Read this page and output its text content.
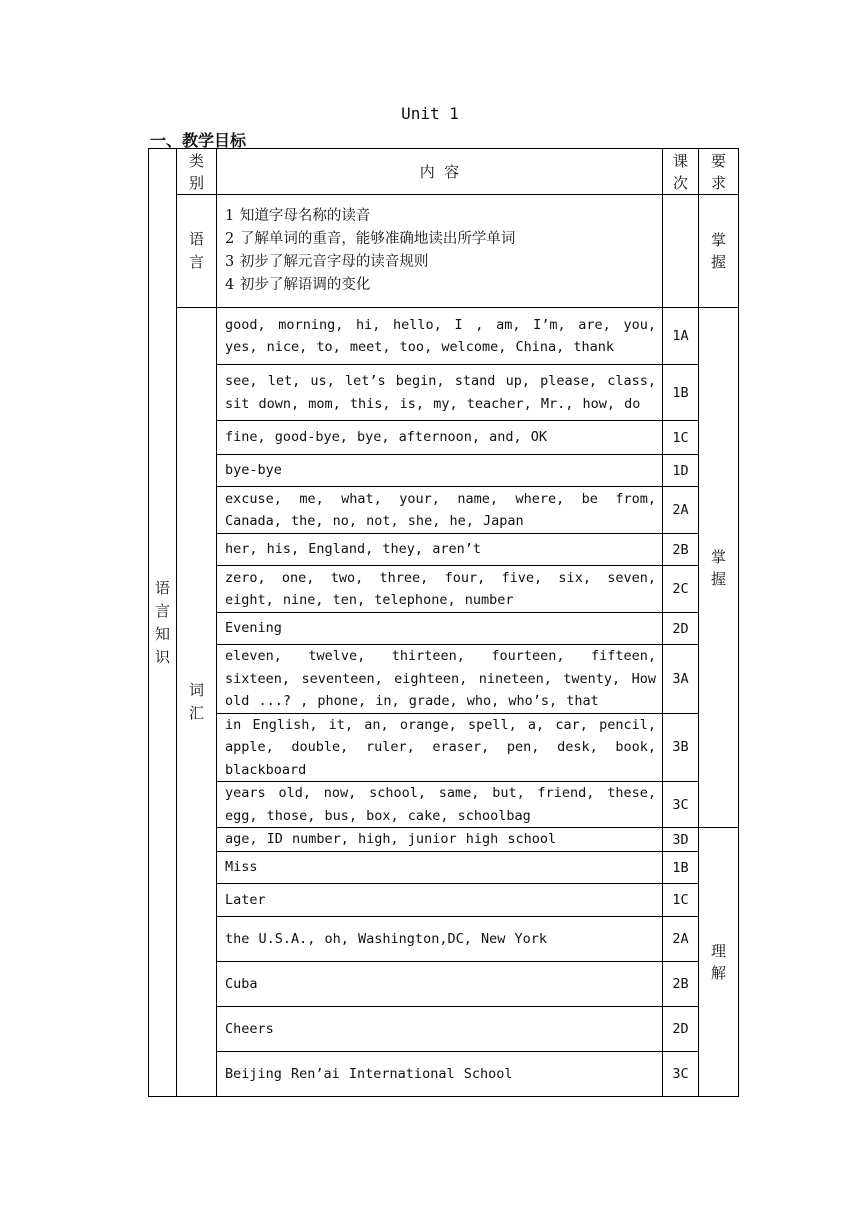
Unit 1
一、教学目标
语言知识	类别	内  容	课次	要求
	语言	1 知道字母名称的读音
2 了解单词的重音，能够准确地读出所学单词
3 初步了解元音字母的读音规则
4 初步了解语调的变化		掌握
	词汇	good, morning, hi, hello, I , am, I’m, are, you, yes, nice, to, meet, too, welcome, China, thank	1A	掌握
		see, let, us, let’s begin, stand up, please, class, sit down, mom, this, is, my, teacher, Mr., how, do	1B	
		fine, good-bye, bye, afternoon, and, OK	1C	
		bye-bye	1D	
		excuse, me, what, your, name, where, be from, Canada, the, no, not, she, he, Japan	2A	
		her, his, England, they, aren’t	2B	
		zero, one, two, three, four, five, six, seven, eight, nine, ten, telephone, number	2C	
		Evening	2D	
		eleven, twelve, thirteen, fourteen, fifteen, sixteen, seventeen, eighteen, nineteen, twenty, How old ...? , phone, in, grade, who, who’s, that	3A	
		in English, it, an, orange, spell, a, car, pencil, apple, double, ruler, eraser, pen, desk, book, blackboard	3B	
		years old, now, school, same, but, friend, these, egg, those, bus, box, cake, schoolbag	3C	
		age, ID number, high, junior high school	3D	理解
		Miss	1B	
		Later	1C	
		the U.S.A., oh, Washington,DC, New York	2A	
		Cuba	2B	
		Cheers	2D	
		Beijing Ren’ai International School	3C	
